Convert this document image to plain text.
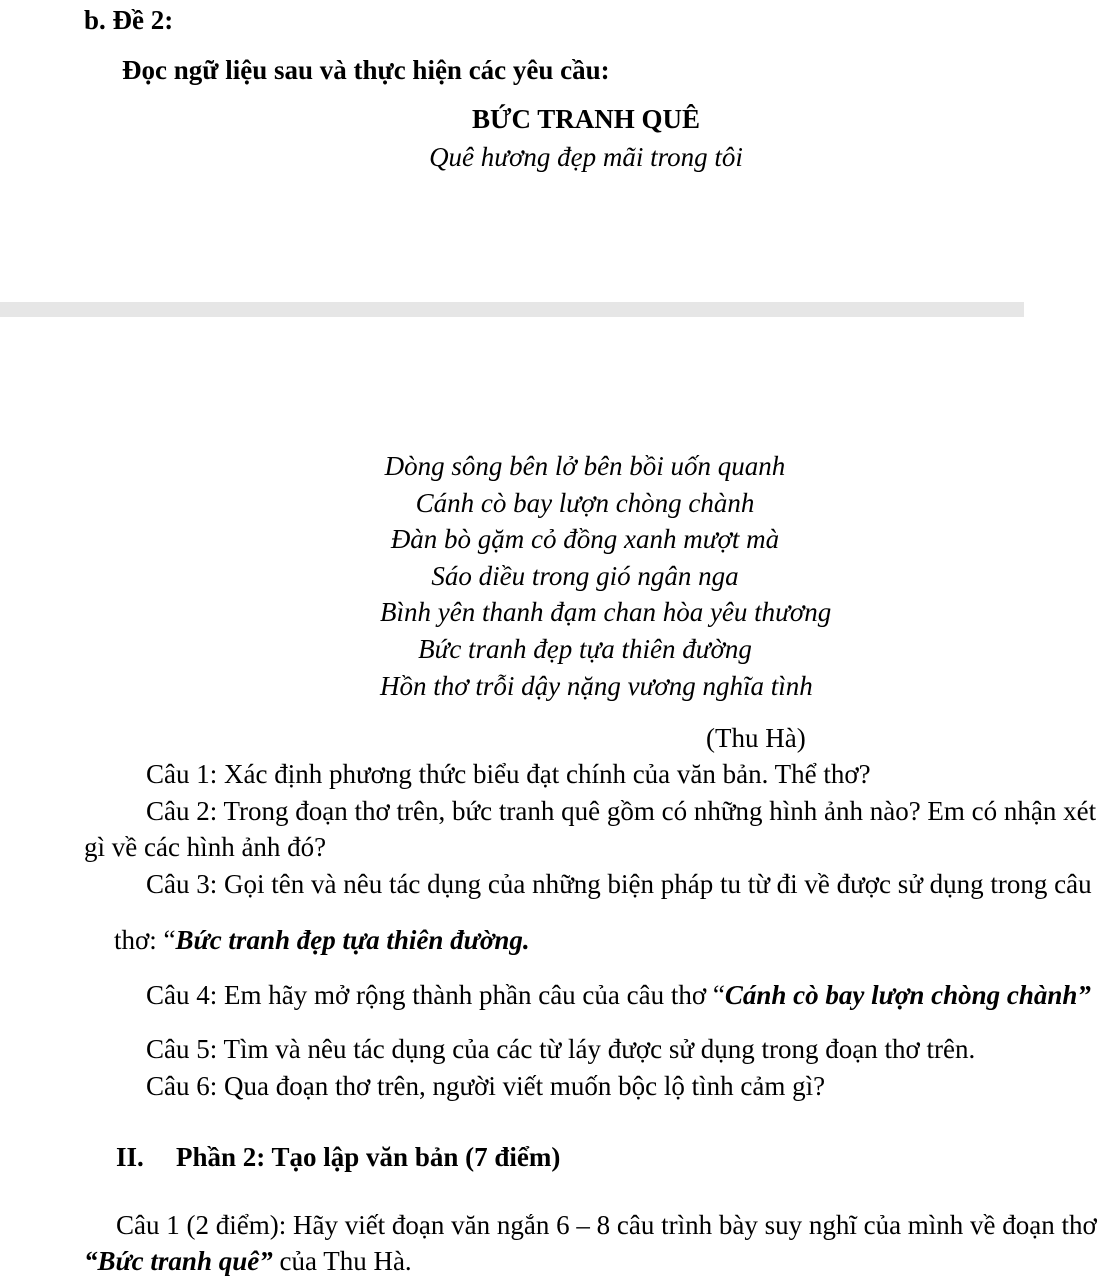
b. Đề 2:
Đọc ngữ liệu sau và thực hiện các yêu cầu:
BỨC TRANH QUÊ
Quê hương đẹp mãi trong tôi
Dòng sông bên lở bên bồi uốn quanh
Cánh cò bay lượn chòng chành
Đàn bò gặm cỏ đồng xanh mượt mà
Sáo diều trong gió ngân nga
Bình yên thanh đạm chan hòa yêu thương
Bức tranh đẹp tựa thiên đường
Hồn thơ trỗi dậy nặng vương nghĩa tình
(Thu Hà)
Câu 1: Xác định phương thức biểu đạt chính của văn bản. Thể thơ?
Câu 2: Trong đoạn thơ trên, bức tranh quê gồm có những hình ảnh nào? Em có nhận xét
gì về các hình ảnh đó?
Câu 3: Gọi tên và nêu tác dụng của những biện pháp tu từ đi về được sử dụng trong câu
thơ: “Bức tranh đẹp tựa thiên đường.
Câu 4: Em hãy mở rộng thành phần câu của câu thơ “Cánh cò bay lượn chòng chành”
Câu 5: Tìm và nêu tác dụng của các từ láy được sử dụng trong đoạn thơ trên.
Câu 6: Qua đoạn thơ trên, người viết muốn bộc lộ tình cảm gì?
II. Phần 2: Tạo lập văn bản (7 điểm)
Câu 1 (2 điểm): Hãy viết đoạn văn ngắn 6 – 8 câu trình bày suy nghĩ của mình về đoạn thơ
“Bức tranh quê” của Thu Hà.
